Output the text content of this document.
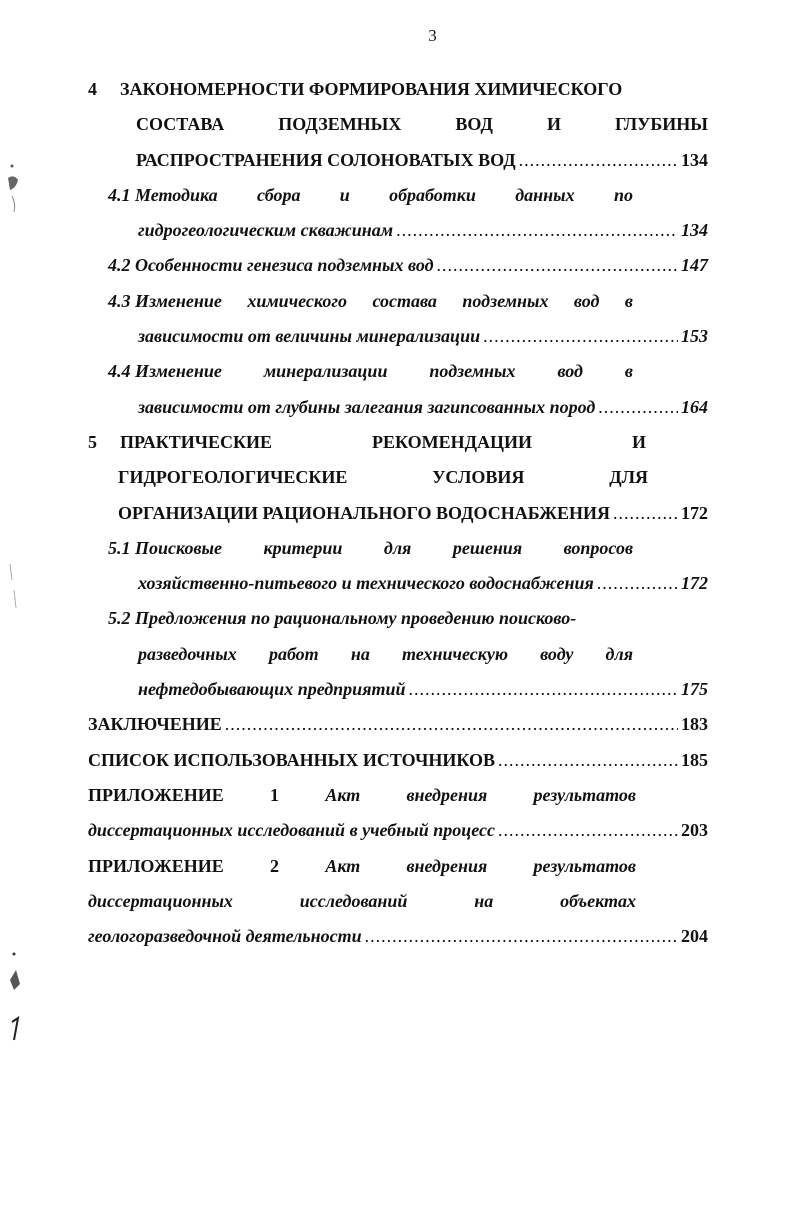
3
4 ЗАКОНОМЕРНОСТИ ФОРМИРОВАНИЯ ХИМИЧЕСКОГО
СОСТАВА	ПОДЗЕМНЫХ	ВОД	И	ГЛУБИНЫ
РАСПРОСТРАНЕНИЯ СОЛОНОВАТЫХ ВОД .....	134
4.1 Методика сбора и обработки данных по
гидрогеологическим скважинам .....	134
4.2 Особенности генезиса подземных вод .....	147
4.3 Изменение химического состава подземных вод в
зависимости от величины минерализации .....	153
4.4 Изменение минерализации подземных вод в
зависимости от глубины залегания загипсованных пород .....	164
5 ПРАКТИЧЕСКИЕ	РЕКОМЕНДАЦИИ	И
ГИДРОГЕОЛОГИЧЕСКИЕ	УСЛОВИЯ	ДЛЯ
ОРГАНИЗАЦИИ РАЦИОНАЛЬНОГО ВОДОСНАБЖЕНИЯ .....	172
5.1 Поисковые критерии для решения вопросов
хозяйственно-питьевого и технического водоснабжения .....	172
5.2 Предложения по рациональному проведению поисково-
разведочных работ на техническую воду для
нефтедобывающих предприятий .....	175
ЗАКЛЮЧЕНИЕ .....	183
СПИСОК ИСПОЛЬЗОВАННЫХ ИСТОЧНИКОВ .....	185
ПРИЛОЖЕНИЕ	1	Акт	внедрения	результатов
диссертационных исследований в учебный процесс .....	203
ПРИЛОЖЕНИЕ	2	Акт	внедрения	результатов
диссертационных	исследований	на	объектах
геологоразведочной деятельности .....	204
